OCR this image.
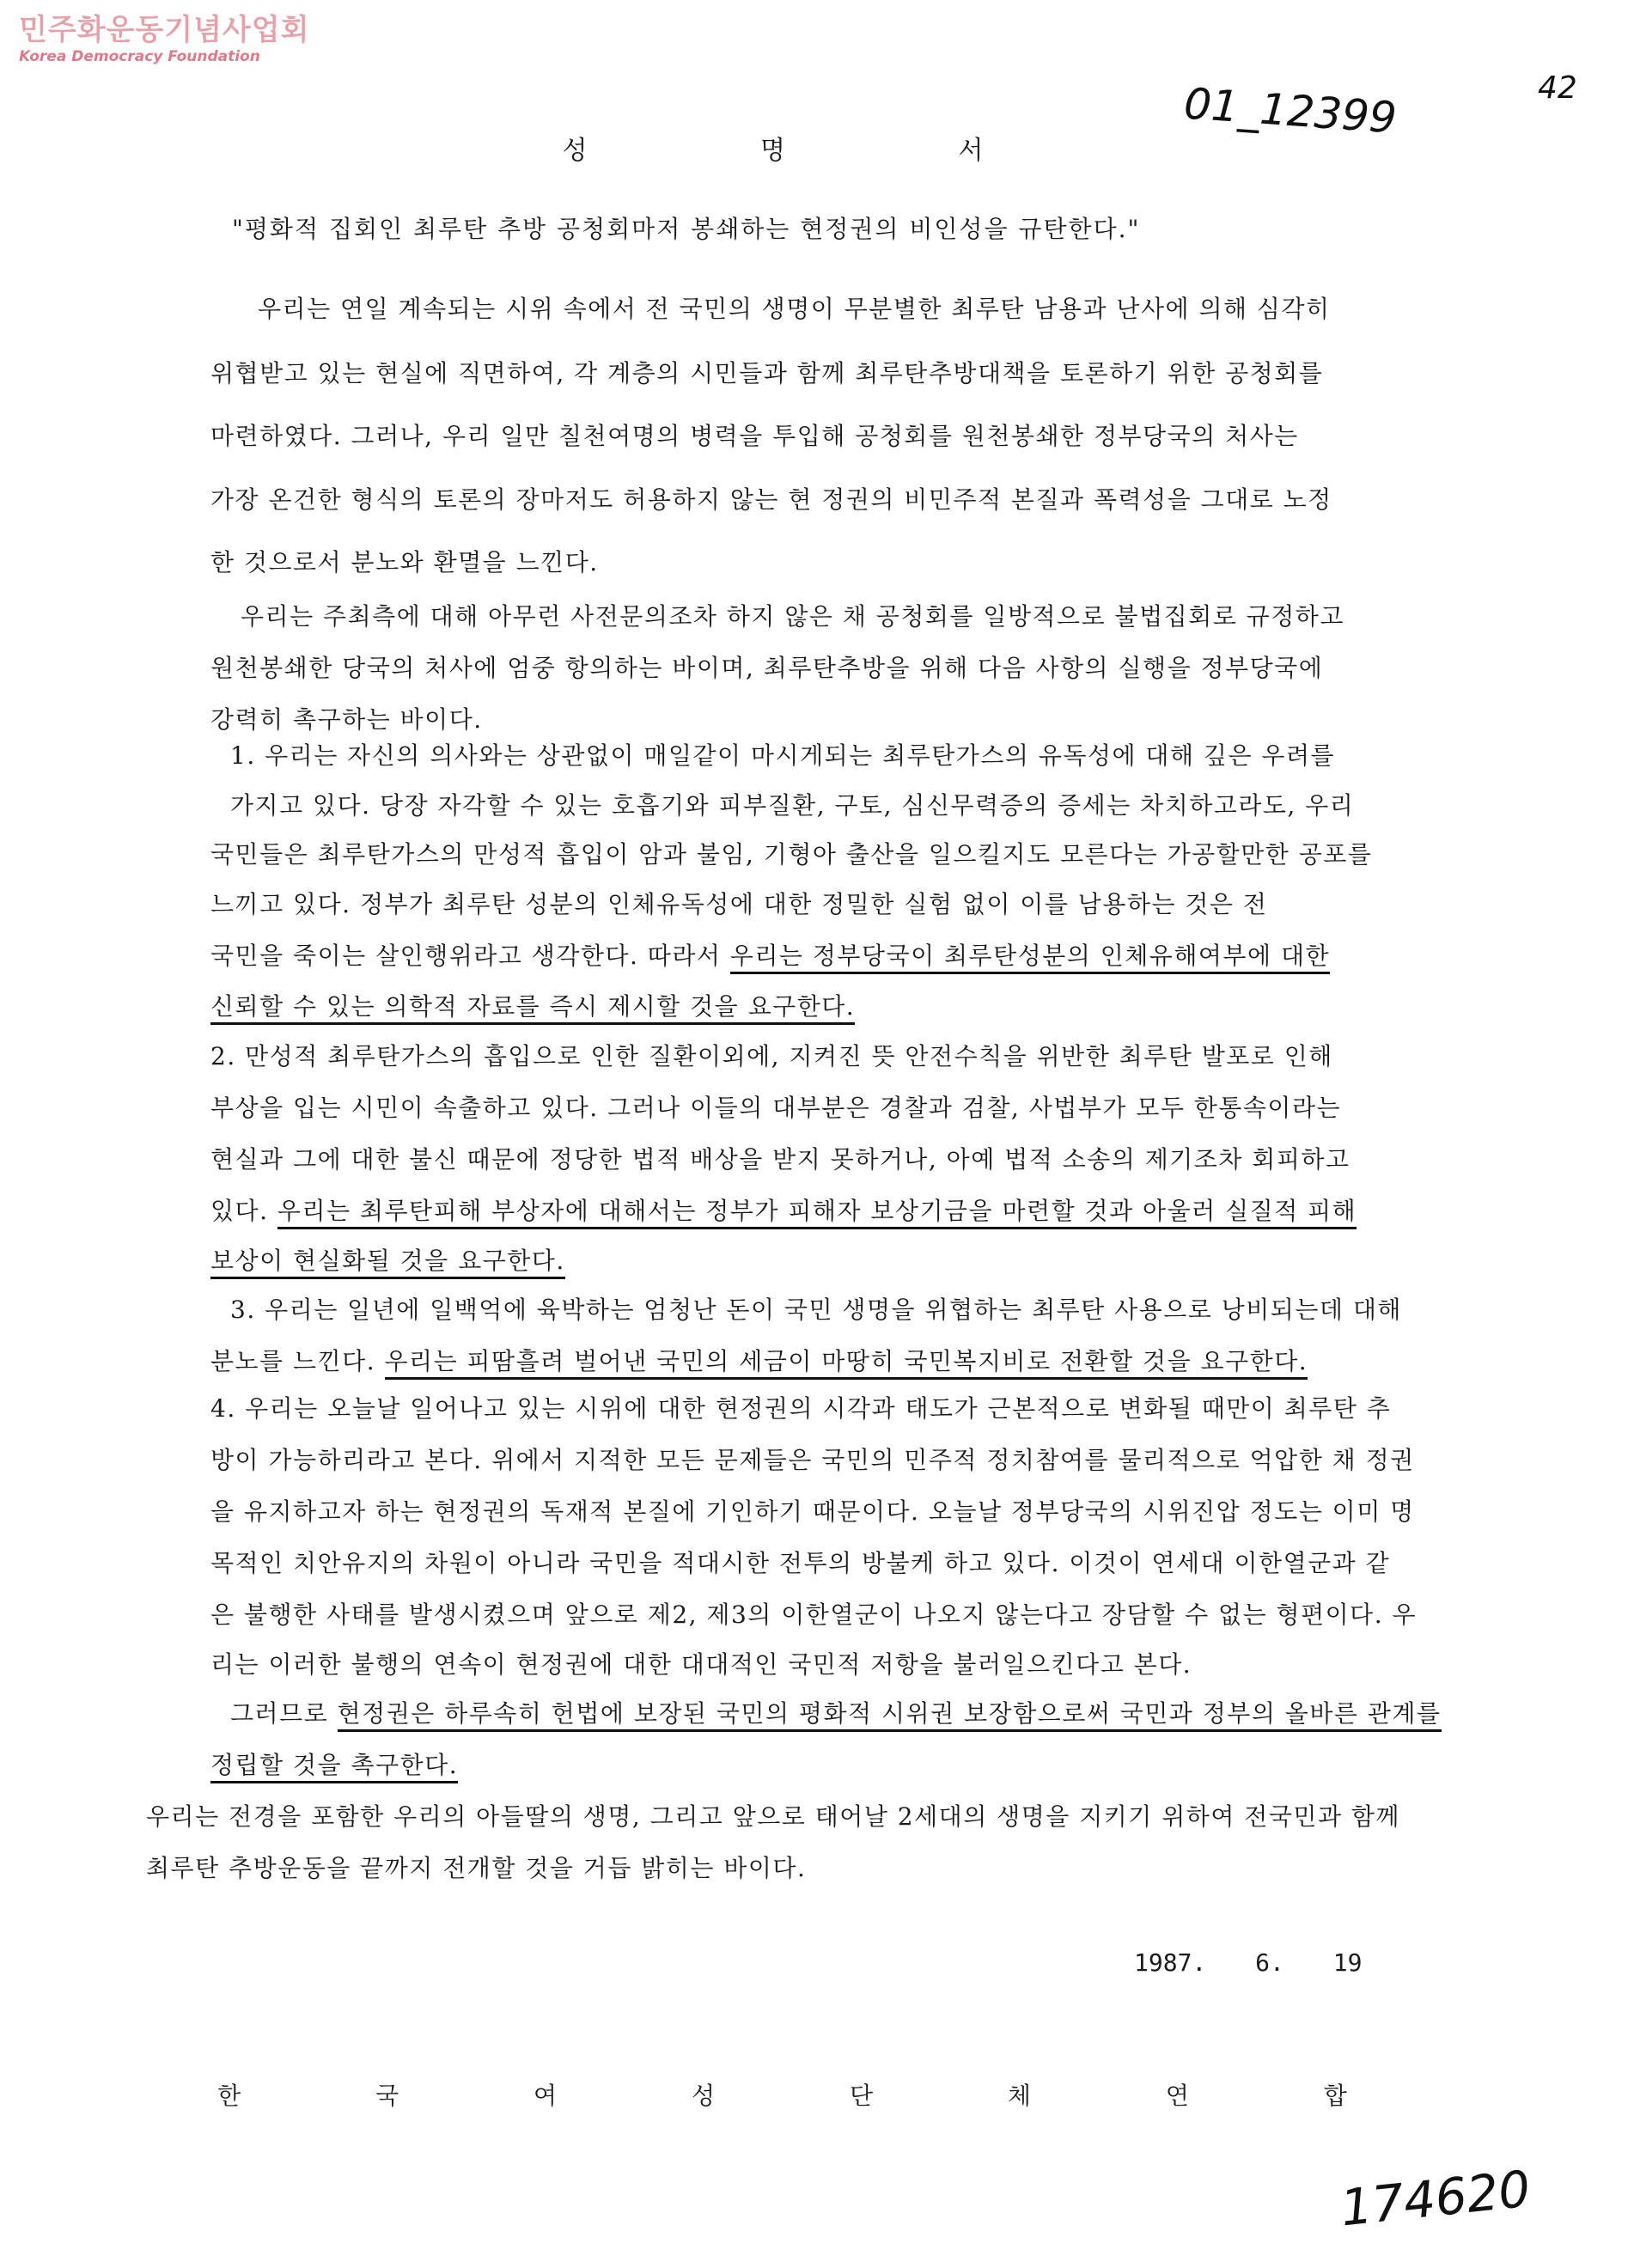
민주화운동기념사업회
Korea Democracy Foundation
01_12399	42
성 명 서
"평화적 집회인 최루탄 추방 공청회마저 봉쇄하는 현정권의 비인성을 규탄한다."
우리는 연일 계속되는 시위 속에서 전 국민의 생명이 무분별한 최루탄 남용과 난사에 의해 심각히
위협받고 있는 현실에 직면하여, 각 계층의 시민들과 함께 최루탄추방대책을 토론하기 위한 공청회를
마련하였다. 그러나, 우리 일만 칠천여명의 병력을 투입해 공청회를 원천봉쇄한 정부당국의 처사는
가장 온건한 형식의 토론의 장마저도 허용하지 않는 현 정권의 비민주적 본질과 폭력성을 그대로 노정
한 것으로서 분노와 환멸을 느낀다.
우리는 주최측에 대해 아무런 사전문의조차 하지 않은 채 공청회를 일방적으로 불법집회로 규정하고
원천봉쇄한 당국의 처사에 엄중 항의하는 바이며, 최루탄추방을 위해 다음 사항의 실행을 정부당국에
강력히 촉구하는 바이다.
1. 우리는 자신의 의사와는 상관없이 매일같이 마시게되는 최루탄가스의 유독성에 대해 깊은 우려를
가지고 있다. 당장 자각할 수 있는 호흡기와 피부질환, 구토, 심신무력증의 증세는 차치하고라도, 우리
국민들은 최루탄가스의 만성적 흡입이 암과 불임, 기형아 출산을 일으킬지도 모른다는 가공할만한 공포를
느끼고 있다. 정부가 최루탄 성분의 인체유독성에 대한 정밀한 실험 없이 이를 남용하는 것은 전
국민을 죽이는 살인행위라고 생각한다. 따라서 우리는 정부당국이 최루탄성분의 인체유해여부에 대한
신뢰할 수 있는 의학적 자료를 즉시 제시할 것을 요구한다.
2. 만성적 최루탄가스의 흡입으로 인한 질환이외에, 지켜진 뜻 안전수칙을 위반한 최루탄 발포로 인해
부상을 입는 시민이 속출하고 있다. 그러나 이들의 대부분은 경찰과 검찰, 사법부가 모두 한통속이라는
현실과 그에 대한 불신 때문에 정당한 법적 배상을 받지 못하거나, 아예 법적 소송의 제기조차 회피하고
있다. 우리는 최루탄피해 부상자에 대해서는 정부가 피해자 보상기금을 마련할 것과 아울러 실질적 피해
보상이 현실화될 것을 요구한다.
3. 우리는 일년에 일백억에 육박하는 엄청난 돈이 국민 생명을 위협하는 최루탄 사용으로 낭비되는데 대해
분노를 느낀다. 우리는 피땀흘려 벌어낸 국민의 세금이 마땅히 국민복지비로 전환할 것을 요구한다.
4. 우리는 오늘날 일어나고 있는 시위에 대한 현정권의 시각과 태도가 근본적으로 변화될 때만이 최루탄 추
방이 가능하리라고 본다. 위에서 지적한 모든 문제들은 국민의 민주적 정치참여를 물리적으로 억압한 채 정권
을 유지하고자 하는 현정권의 독재적 본질에 기인하기 때문이다. 오늘날 정부당국의 시위진압 정도는 이미 명
목적인 치안유지의 차원이 아니라 국민을 적대시한 전투의 방불케 하고 있다. 이것이 연세대 이한열군과 같
은 불행한 사태를 발생시켰으며 앞으로 제2, 제3의 이한열군이 나오지 않는다고 장담할 수 없는 형편이다. 우
리는 이러한 불행의 연속이 현정권에 대한 대대적인 국민적 저항을 불러일으킨다고 본다.
그러므로 현정권은 하루속히 헌법에 보장된 국민의 평화적 시위권 보장함으로써 국민과 정부의 올바른 관계를
정립할 것을 촉구한다.
우리는 전경을 포함한 우리의 아들딸의 생명, 그리고 앞으로 태어날 2세대의 생명을 지키기 위하여 전국민과 함께
최루탄 추방운동을 끝까지 전개할 것을 거듭 밝히는 바이다.
1987. 6. 19
한 국 여 성 단 체 연 합
174620
